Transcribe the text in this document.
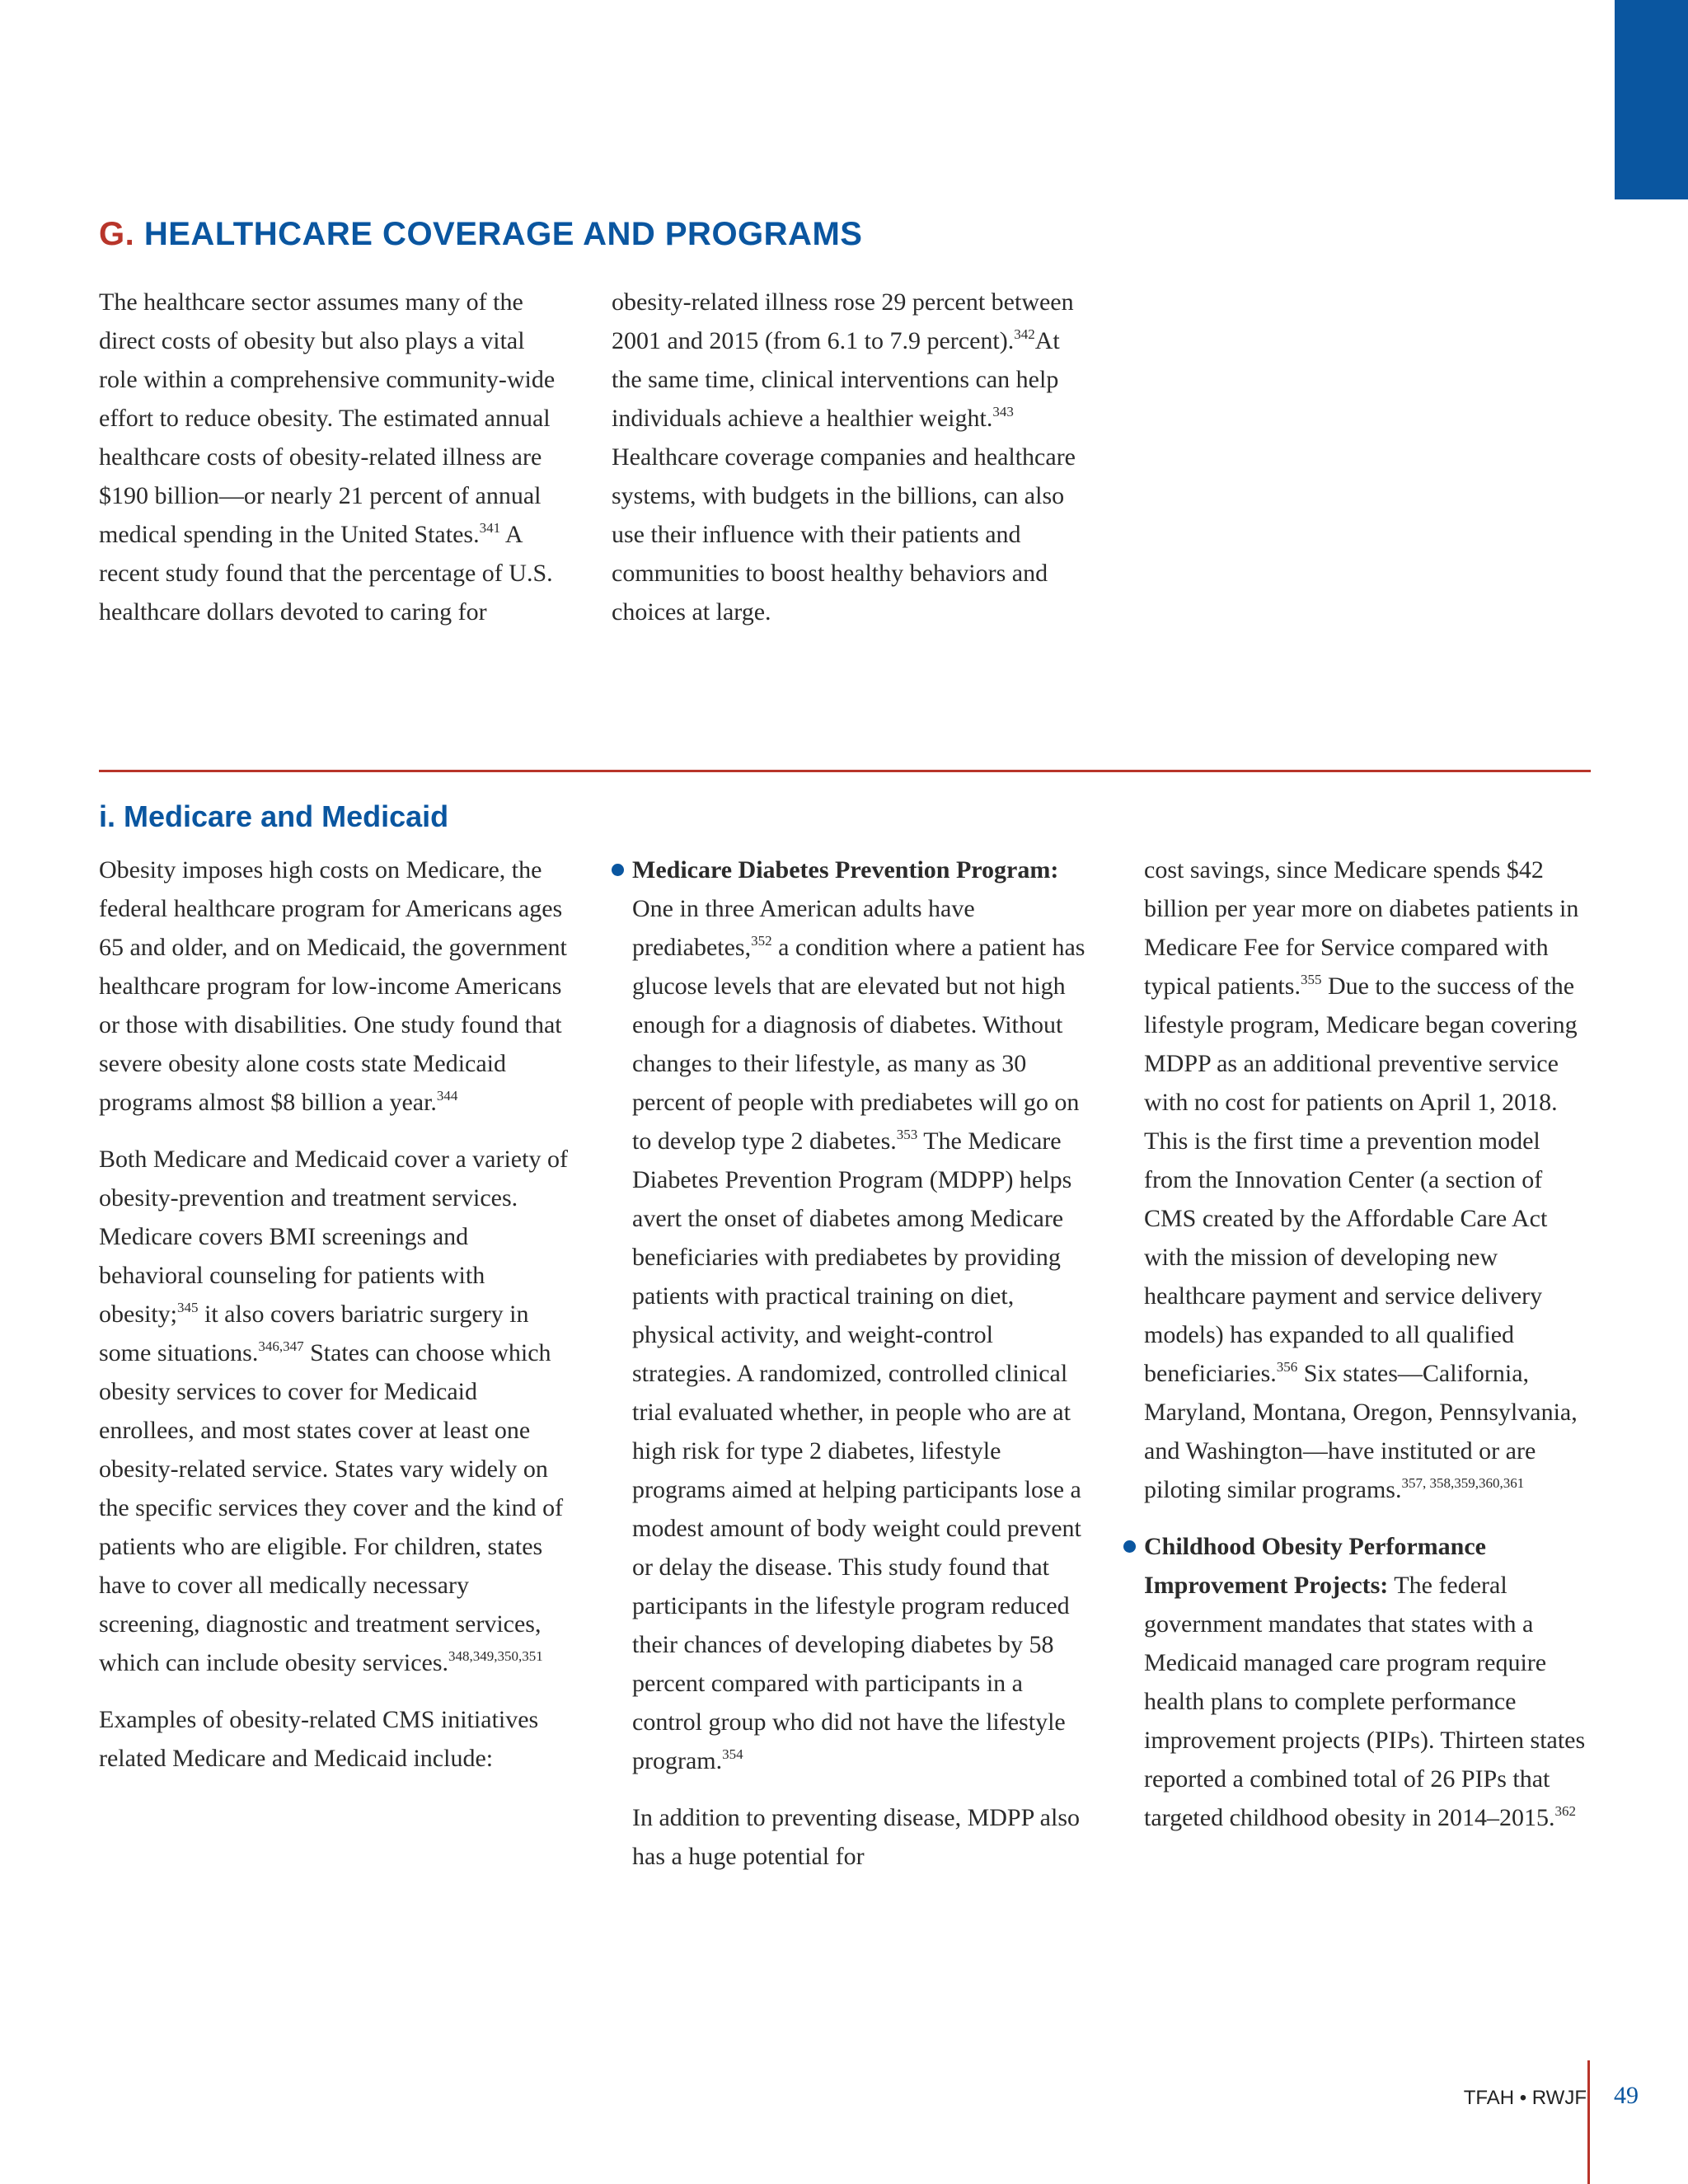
G. HEALTHCARE COVERAGE AND PROGRAMS

The healthcare sector assumes many of the direct costs of obesity but also plays a vital role within a comprehensive community-wide effort to reduce obesity. The estimated annual healthcare costs of obesity-related illness are $190 billion—or nearly 21 percent of annual medical spending in the United States.$^{341}$ A recent study found that the percentage of U.S. healthcare dollars devoted to caring for

obesity-related illness rose 29 percent between 2001 and 2015 (from 6.1 to 7.9 percent).$^{342}$At the same time, clinical interventions can help individuals achieve a healthier weight.$^{343}$ Healthcare coverage companies and healthcare systems, with budgets in the billions, can also use their influence with their patients and communities to boost healthy behaviors and choices at large.

i. Medicare and Medicaid

Obesity imposes high costs on Medicare, the federal healthcare program for Americans ages 65 and older, and on Medicaid, the government healthcare program for low-income Americans or those with disabilities. One study found that severe obesity alone costs state Medicaid programs almost $8 billion a year.$^{344}$

Both Medicare and Medicaid cover a variety of obesity-prevention and treatment services. Medicare covers BMI screenings and behavioral counseling for patients with obesity;$^{345}$ it also covers bariatric surgery in some situations.$^{346,347}$ States can choose which obesity services to cover for Medicaid enrollees, and most states cover at least one obesity-related service. States vary widely on the specific services they cover and the kind of patients who are eligible. For children, states have to cover all medically necessary screening, diagnostic and treatment services, which can include obesity services.$^{348,349,350,351}$

Examples of obesity-related CMS initiatives related Medicare and Medicaid include:

Medicare Diabetes Prevention Program: One in three American adults have prediabetes,$^{352}$ a condition where a patient has glucose levels that are elevated but not high enough for a diagnosis of diabetes. Without changes to their lifestyle, as many as 30 percent of people with prediabetes will go on to develop type 2 diabetes.$^{353}$ The Medicare Diabetes Prevention Program (MDPP) helps avert the onset of diabetes among Medicare beneficiaries with prediabetes by providing patients with practical training on diet, physical activity, and weight-control strategies. A randomized, controlled clinical trial evaluated whether, in people who are at high risk for type 2 diabetes, lifestyle programs aimed at helping participants lose a modest amount of body weight could prevent or delay the disease. This study found that participants in the lifestyle program reduced their chances of developing diabetes by 58 percent compared with participants in a control group who did not have the lifestyle program.$^{354}$

In addition to preventing disease, MDPP also has a huge potential for

cost savings, since Medicare spends $42 billion per year more on diabetes patients in Medicare Fee for Service compared with typical patients.$^{355}$ Due to the success of the lifestyle program, Medicare began covering MDPP as an additional preventive service with no cost for patients on April 1, 2018. This is the first time a prevention model from the Innovation Center (a section of CMS created by the Affordable Care Act with the mission of developing new healthcare payment and service delivery models) has expanded to all qualified beneficiaries.$^{356}$ Six states—California, Maryland, Montana, Oregon, Pennsylvania, and Washington—have instituted or are piloting similar programs.$^{357, 358,359,360,361}$

Childhood Obesity Performance Improvement Projects: The federal government mandates that states with a Medicaid managed care program require health plans to complete performance improvement projects (PIPs). Thirteen states reported a combined total of 26 PIPs that targeted childhood obesity in 2014–2015.$^{362}$

TFAH • RWJF 49
